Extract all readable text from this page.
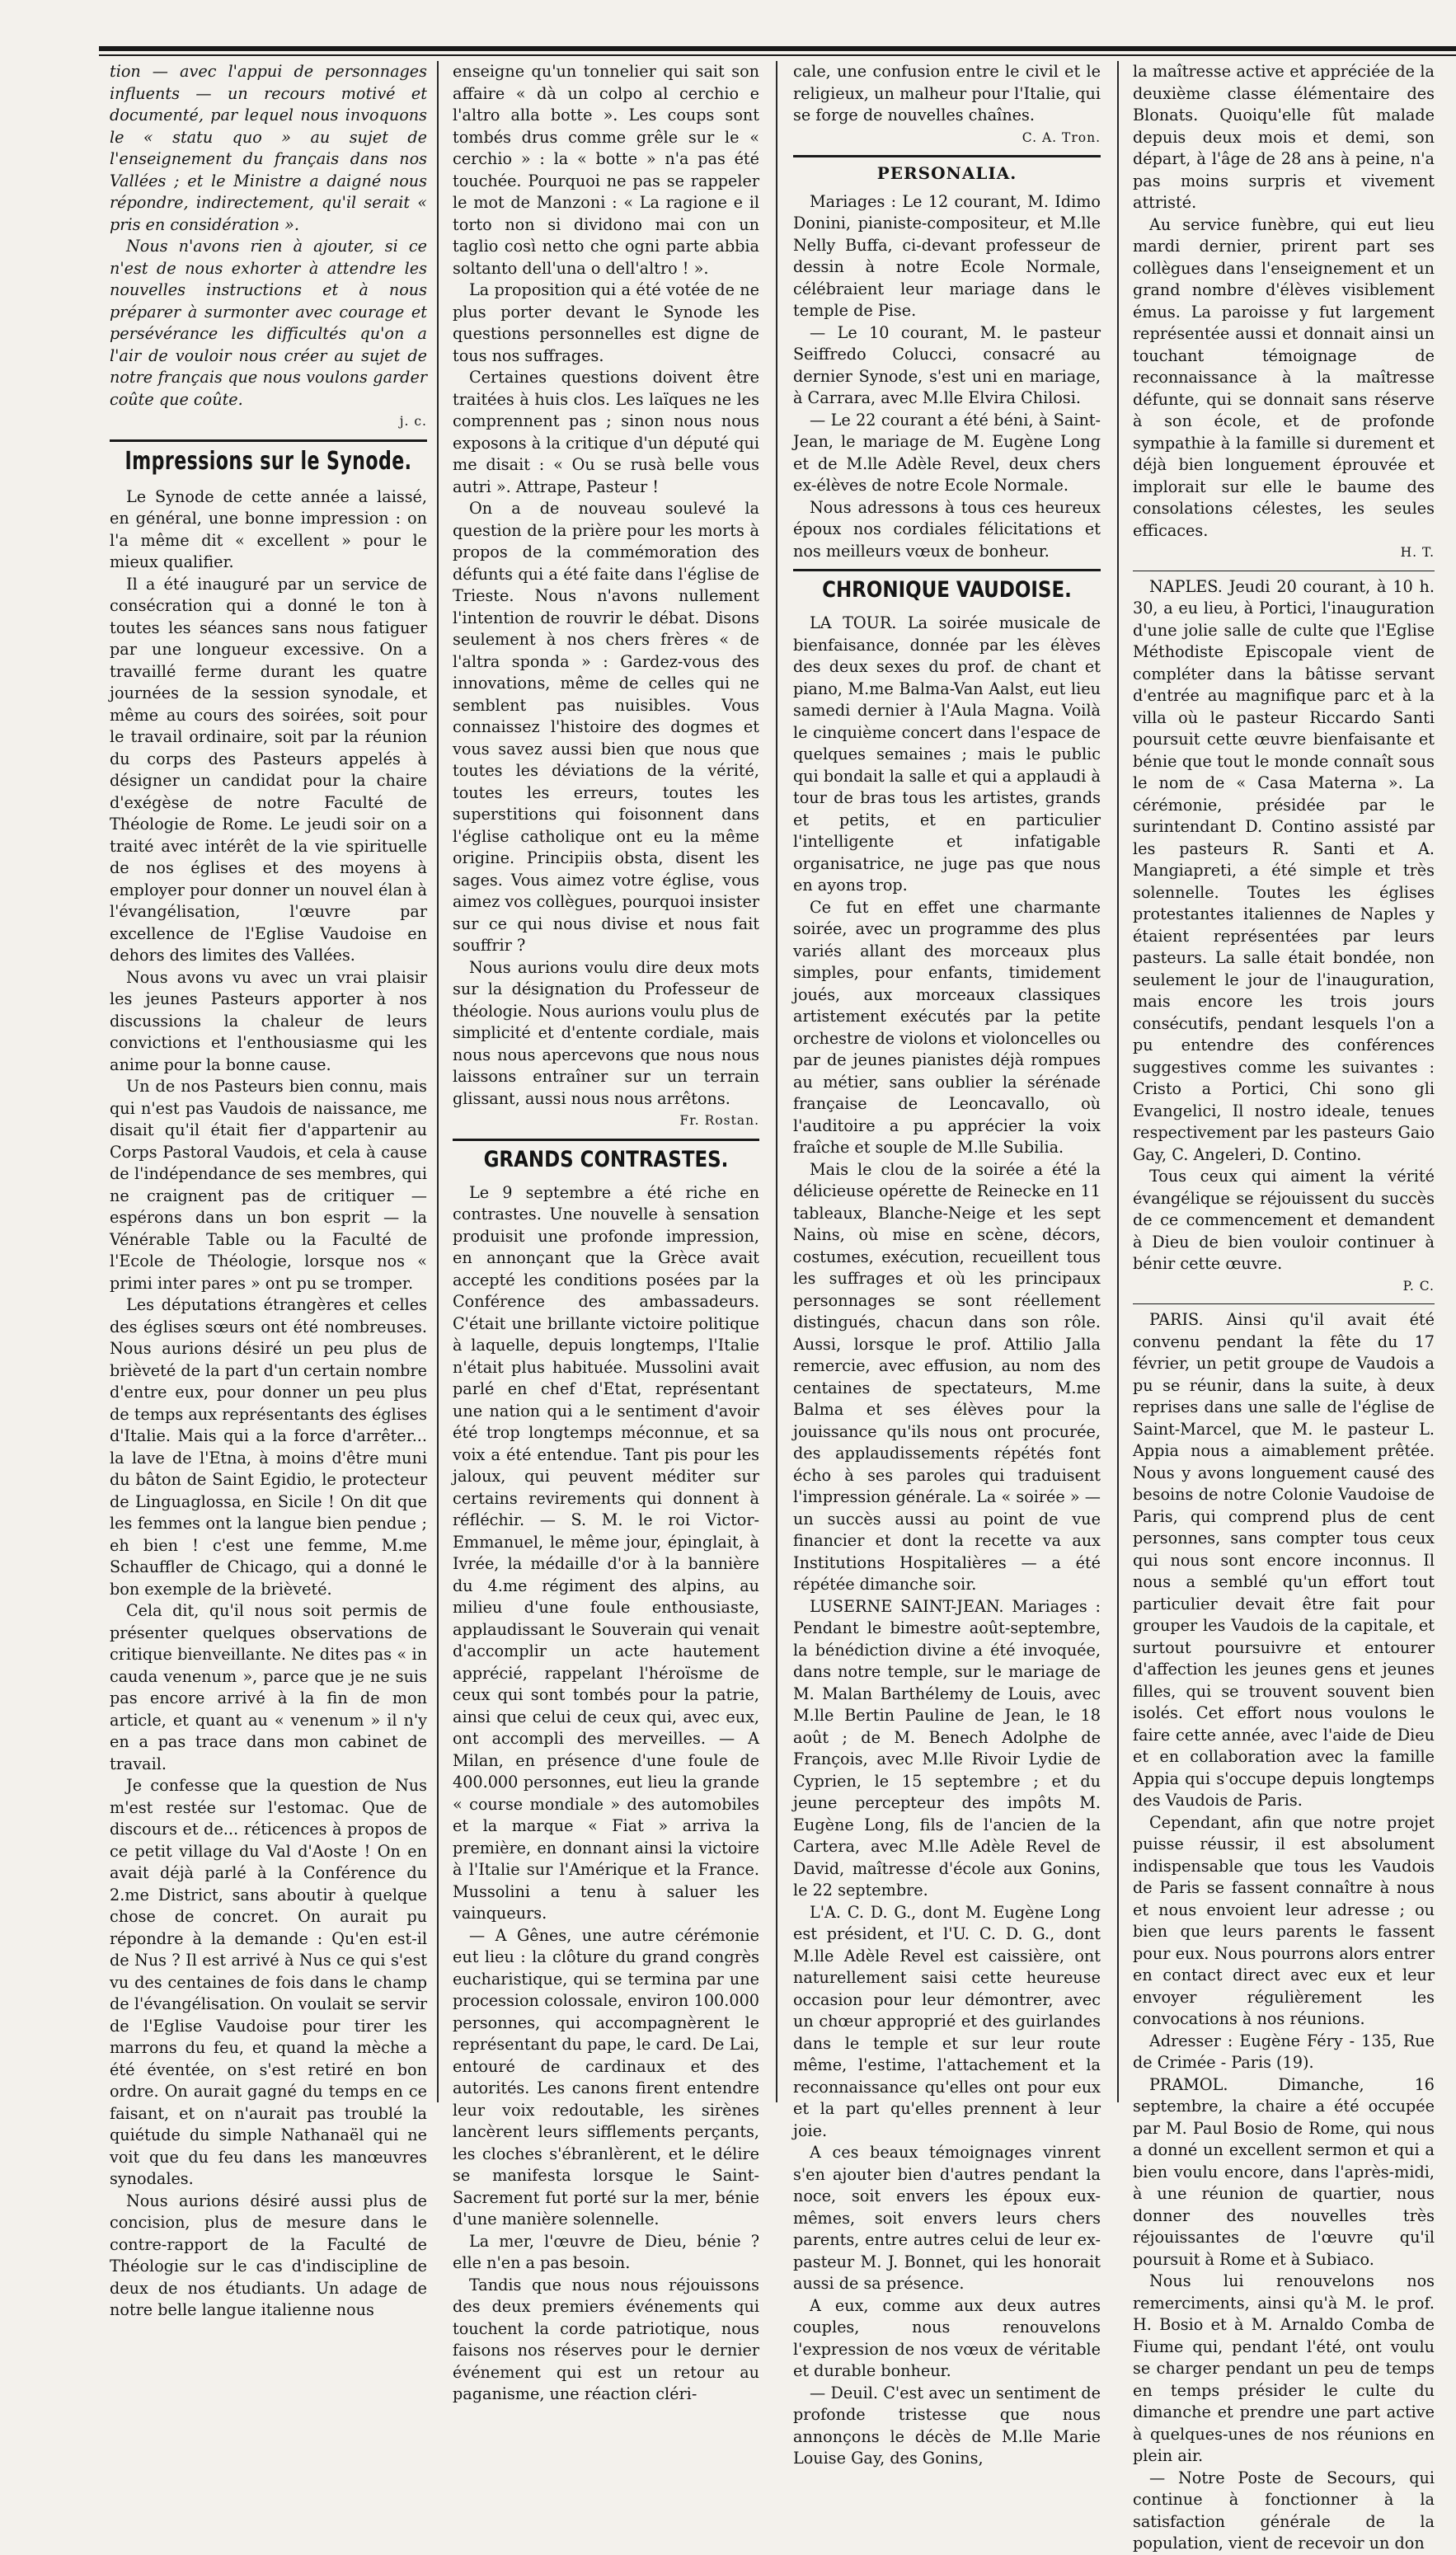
tion — avec l'appui de personnages influents — un recours motivé et documenté, par lequel nous invoquons le « statu quo » au sujet de l'enseignement du français dans nos Vallées ; et le Ministre a daigné nous répondre, indirectement, qu'il serait « pris en considération ».

Nous n'avons rien à ajouter, si ce n'est de nous exhorter à attendre les nouvelles instructions et à nous préparer à surmonter avec courage et persévérance les difficultés qu'on a l'air de vouloir nous créer au sujet de notre français que nous voulons garder coûte que coûte.

j. c.
Impressions sur le Synode.

Le Synode de cette année a laissé, en général, une bonne impression : on l'a même dit « excellent » pour le mieux qualifier.

Il a été inauguré par un service de consécration qui a donné le ton à toutes les séances sans nous fatiguer par une longueur excessive. On a travaillé ferme durant les quatre journées de la session synodale, et même au cours des soirées, soit pour le travail ordinaire, soit par la réunion du corps des Pasteurs appelés à désigner un candidat pour la chaire d'exégèse de notre Faculté de Théologie de Rome. Le jeudi soir on a traité avec intérêt de la vie spirituelle de nos églises et des moyens à employer pour donner un nouvel élan à l'évangélisation, l'œuvre par excellence de l'Eglise Vaudoise en dehors des limites des Vallées.

Nous avons vu avec un vrai plaisir les jeunes Pasteurs apporter à nos discussions la chaleur de leurs convictions et l'enthousiasme qui les anime pour la bonne cause.

Un de nos Pasteurs bien connu, mais qui n'est pas Vaudois de naissance, me disait qu'il était fier d'appartenir au Corps Pastoral Vaudois, et cela à cause de l'indépendance de ses membres, qui ne craignent pas de critiquer — espérons dans un bon esprit — la Vénérable Table ou la Faculté de l'Ecole de Théologie, lorsque nos « primi inter pares » ont pu se tromper.

Les députations étrangères et celles des églises sœurs ont été nombreuses. Nous aurions désiré un peu plus de brièveté de la part d'un certain nombre d'entre eux, pour donner un peu plus de temps aux représentants des églises d'Italie. Mais qui a la force d'arrêter... la lave de l'Etna, à moins d'être muni du bâton de Saint Egidio, le protecteur de Linguaglossa, en Sicile ! On dit que les femmes ont la langue bien pendue ; eh bien ! c'est une femme, M.me Schauffler de Chicago, qui a donné le bon exemple de la brièveté.

Cela dit, qu'il nous soit permis de présenter quelques observations de critique bienveillante. Ne dites pas « in cauda venenum », parce que je ne suis pas encore arrivé à la fin de mon article, et quant au « venenum » il n'y en a pas trace dans mon cabinet de travail.

Je confesse que la question de Nus m'est restée sur l'estomac. Que de discours et de... réticences à propos de ce petit village du Val d'Aoste ! On en avait déjà parlé à la Conférence du 2.me District, sans aboutir à quelque chose de concret. On aurait pu répondre à la demande : Qu'en est-il de Nus ? Il est arrivé à Nus ce qui s'est vu des centaines de fois dans le champ de l'évangélisation. On voulait se servir de l'Eglise Vaudoise pour tirer les marrons du feu, et quand la mèche a été éventée, on s'est retiré en bon ordre. On aurait gagné du temps en ce faisant, et on n'aurait pas troublé la quiétude du simple Nathanaël qui ne voit que du feu dans les manœuvres synodales.

Nous aurions désiré aussi plus de concision, plus de mesure dans le contre-rapport de la Faculté de Théologie sur le cas d'indiscipline de deux de nos étudiants. Un adage de notre belle langue italienne nous

enseigne qu'un tonnelier qui sait son affaire « dà un colpo al cerchio e l'altro alla botte ». Les coups sont tombés drus comme grêle sur le « cerchio » : la « botte » n'a pas été touchée. Pourquoi ne pas se rappeler le mot de Manzoni : « La ragione e il torto non si dividono mai con un taglio così netto che ogni parte abbia soltanto dell'una o dell'altro ! ».

La proposition qui a été votée de ne plus porter devant le Synode les questions personnelles est digne de tous nos suffrages.

Certaines questions doivent être traitées à huis clos. Les laïques ne les comprennent pas ; sinon nous nous exposons à la critique d'un député qui me disait : « Ou se rusà belle vous autri ». Attrape, Pasteur !

On a de nouveau soulevé la question de la prière pour les morts à propos de la commémoration des défunts qui a été faite dans l'église de Trieste. Nous n'avons nullement l'intention de rouvrir le débat. Disons seulement à nos chers frères « de l'altra sponda » : Gardez-vous des innovations, même de celles qui ne semblent pas nuisibles. Vous connaissez l'histoire des dogmes et vous savez aussi bien que nous que toutes les déviations de la vérité, toutes les erreurs, toutes les superstitions qui foisonnent dans l'église catholique ont eu la même origine. Principiis obsta, disent les sages. Vous aimez votre église, vous aimez vos collègues, pourquoi insister sur ce qui nous divise et nous fait souffrir ?

Nous aurions voulu dire deux mots sur la désignation du Professeur de théologie. Nous aurions voulu plus de simplicité et d'entente cordiale, mais nous nous apercevons que nous nous laissons entraîner sur un terrain glissant, aussi nous nous arrêtons.

Fr. Rostan.
GRANDS CONTRASTES.

Le 9 septembre a été riche en contrastes. Une nouvelle à sensation produisit une profonde impression, en annonçant que la Grèce avait accepté les conditions posées par la Conférence des ambassadeurs. C'était une brillante victoire politique à laquelle, depuis longtemps, l'Italie n'était plus habituée. Mussolini avait parlé en chef d'Etat, représentant une nation qui a le sentiment d'avoir été trop longtemps méconnue, et sa voix a été entendue. Tant pis pour les jaloux, qui peuvent méditer sur certains revirements qui donnent à réfléchir. — S. M. le roi Victor-Emmanuel, le même jour, épinglait, à Ivrée, la médaille d'or à la bannière du 4.me régiment des alpins, au milieu d'une foule enthousiaste, applaudissant le Souverain qui venait d'accomplir un acte hautement apprécié, rappelant l'héroïsme de ceux qui sont tombés pour la patrie, ainsi que celui de ceux qui, avec eux, ont accompli des merveilles. — A Milan, en présence d'une foule de 400.000 personnes, eut lieu la grande « course mondiale » des automobiles et la marque « Fiat » arriva la première, en donnant ainsi la victoire à l'Italie sur l'Amérique et la France. Mussolini a tenu à saluer les vainqueurs.

— A Gênes, une autre cérémonie eut lieu : la clôture du grand congrès eucharistique, qui se termina par une procession colossale, environ 100.000 personnes, qui accompagnèrent le représentant du pape, le card. De Lai, entouré de cardinaux et des autorités. Les canons firent entendre leur voix redoutable, les sirènes lancèrent leurs sifflements perçants, les cloches s'ébranlèrent, et le délire se manifesta lorsque le Saint-Sacrement fut porté sur la mer, bénie d'une manière solennelle.

La mer, l'œuvre de Dieu, bénie ? elle n'en a pas besoin.

Tandis que nous nous réjouissons des deux premiers événements qui touchent la corde patriotique, nous faisons nos réserves pour le dernier événement qui est un retour au paganisme, une réaction cléri-

cale, une confusion entre le civil et le religieux, un malheur pour l'Italie, qui se forge de nouvelles chaînes.

C. A. Tron.
PERSONALIA.

Mariages : Le 12 courant, M. Idimo Donini, pianiste-compositeur, et M.lle Nelly Buffa, ci-devant professeur de dessin à notre Ecole Normale, célébraient leur mariage dans le temple de Pise.

— Le 10 courant, M. le pasteur Seiffredo Colucci, consacré au dernier Synode, s'est uni en mariage, à Carrara, avec M.lle Elvira Chilosi.

— Le 22 courant a été béni, à Saint-Jean, le mariage de M. Eugène Long et de M.lle Adèle Revel, deux chers ex-élèves de notre Ecole Normale.

Nous adressons à tous ces heureux époux nos cordiales félicitations et nos meilleurs vœux de bonheur.

CHRONIQUE VAUDOISE.

LA TOUR. La soirée musicale de bienfaisance, donnée par les élèves des deux sexes du prof. de chant et piano, M.me Balma-Van Aalst, eut lieu samedi dernier à l'Aula Magna. Voilà le cinquième concert dans l'espace de quelques semaines ; mais le public qui bondait la salle et qui a applaudi à tour de bras tous les artistes, grands et petits, et en particulier l'intelligente et infatigable organisatrice, ne juge pas que nous en ayons trop.

Ce fut en effet une charmante soirée, avec un programme des plus variés allant des morceaux plus simples, pour enfants, timidement joués, aux morceaux classiques artistement exécutés par la petite orchestre de violons et violoncelles ou par de jeunes pianistes déjà rompues au métier, sans oublier la sérénade française de Leoncavallo, où l'auditoire a pu apprécier la voix fraîche et souple de M.lle Subilia.

Mais le clou de la soirée a été la délicieuse opérette de Reinecke en 11 tableaux, Blanche-Neige et les sept Nains, où mise en scène, décors, costumes, exécution, recueillent tous les suffrages et où les principaux personnages se sont réellement distingués, chacun dans son rôle. Aussi, lorsque le prof. Attilio Jalla remercie, avec effusion, au nom des centaines de spectateurs, M.me Balma et ses élèves pour la jouissance qu'ils nous ont procurée, des applaudissements répétés font écho à ses paroles qui traduisent l'impression générale. La « soirée » — un succès aussi au point de vue financier et dont la recette va aux Institutions Hospitalières — a été répétée dimanche soir.

LUSERNE SAINT-JEAN. Mariages : Pendant le bimestre août-septembre, la bénédiction divine a été invoquée, dans notre temple, sur le mariage de M. Malan Barthélemy de Louis, avec M.lle Bertin Pauline de Jean, le 18 août ; de M. Benech Adolphe de François, avec M.lle Rivoir Lydie de Cyprien, le 15 septembre ; et du jeune percepteur des impôts M. Eugène Long, fils de l'ancien de la Cartera, avec M.lle Adèle Revel de David, maîtresse d'école aux Gonins, le 22 septembre.

L'A. C. D. G., dont M. Eugène Long est président, et l'U. C. D. G., dont M.lle Adèle Revel est caissière, ont naturellement saisi cette heureuse occasion pour leur démontrer, avec un chœur approprié et des guirlandes dans le temple et sur leur route même, l'estime, l'attachement et la reconnaissance qu'elles ont pour eux et la part qu'elles prennent à leur joie.

A ces beaux témoignages vinrent s'en ajouter bien d'autres pendant la noce, soit envers les époux eux-mêmes, soit envers leurs chers parents, entre autres celui de leur ex-pasteur M. J. Bonnet, qui les honorait aussi de sa présence.

A eux, comme aux deux autres couples, nous renouvelons l'expression de nos vœux de véritable et durable bonheur.

— Deuil. C'est avec un sentiment de profonde tristesse que nous annonçons le décès de M.lle Marie Louise Gay, des Gonins,

la maîtresse active et appréciée de la deuxième classe élémentaire des Blonats. Quoiqu'elle fût malade depuis deux mois et demi, son départ, à l'âge de 28 ans à peine, n'a pas moins surpris et vivement attristé.

Au service funèbre, qui eut lieu mardi dernier, prirent part ses collègues dans l'enseignement et un grand nombre d'élèves visiblement émus. La paroisse y fut largement représentée aussi et donnait ainsi un touchant témoignage de reconnaissance à la maîtresse défunte, qui se donnait sans réserve à son école, et de profonde sympathie à la famille si durement et déjà bien longuement éprouvée et implorait sur elle le baume des consolations célestes, les seules efficaces.

H. T.

NAPLES. Jeudi 20 courant, à 10 h. 30, a eu lieu, à Portici, l'inauguration d'une jolie salle de culte que l'Eglise Méthodiste Episcopale vient de compléter dans la bâtisse servant d'entrée au magnifique parc et à la villa où le pasteur Riccardo Santi poursuit cette œuvre bienfaisante et bénie que tout le monde connaît sous le nom de « Casa Materna ». La cérémonie, présidée par le surintendant D. Contino assisté par les pasteurs R. Santi et A. Mangiapreti, a été simple et très solennelle. Toutes les églises protestantes italiennes de Naples y étaient représentées par leurs pasteurs. La salle était bondée, non seulement le jour de l'inauguration, mais encore les trois jours consécutifs, pendant lesquels l'on a pu entendre des conférences suggestives comme les suivantes : Cristo a Portici, Chi sono gli Evangelici, Il nostro ideale, tenues respectivement par les pasteurs Gaio Gay, C. Angeleri, D. Contino.

Tous ceux qui aiment la vérité évangélique se réjouissent du succès de ce commencement et demandent à Dieu de bien vouloir continuer à bénir cette œuvre.

P. C.

PARIS. Ainsi qu'il avait été convenu pendant la fête du 17 février, un petit groupe de Vaudois a pu se réunir, dans la suite, à deux reprises dans une salle de l'église de Saint-Marcel, que M. le pasteur L. Appia nous a aimablement prêtée. Nous y avons longuement causé des besoins de notre Colonie Vaudoise de Paris, qui comprend plus de cent personnes, sans compter tous ceux qui nous sont encore inconnus. Il nous a semblé qu'un effort tout particulier devait être fait pour grouper les Vaudois de la capitale, et surtout poursuivre et entourer d'affection les jeunes gens et jeunes filles, qui se trouvent souvent bien isolés. Cet effort nous voulons le faire cette année, avec l'aide de Dieu et en collaboration avec la famille Appia qui s'occupe depuis longtemps des Vaudois de Paris.

Cependant, afin que notre projet puisse réussir, il est absolument indispensable que tous les Vaudois de Paris se fassent connaître à nous et nous envoient leur adresse ; ou bien que leurs parents le fassent pour eux. Nous pourrons alors entrer en contact direct avec eux et leur envoyer régulièrement les convocations à nos réunions.

Adresser : Eugène Féry - 135, Rue de Crimée - Paris (19).

PRAMOL. Dimanche, 16 septembre, la chaire a été occupée par M. Paul Bosio de Rome, qui nous a donné un excellent sermon et qui a bien voulu encore, dans l'après-midi, à une réunion de quartier, nous donner des nouvelles très réjouissantes de l'œuvre qu'il poursuit à Rome et à Subiaco.

Nous lui renouvelons nos remerciments, ainsi qu'à M. le prof. H. Bosio et à M. Arnaldo Comba de Fiume qui, pendant l'été, ont voulu se charger pendant un peu de temps en temps présider le culte du dimanche et prendre une part active à quelques-unes de nos réunions en plein air.

— Notre Poste de Secours, qui continue à fonctionner à la satisfaction générale de la population, vient de recevoir un don
